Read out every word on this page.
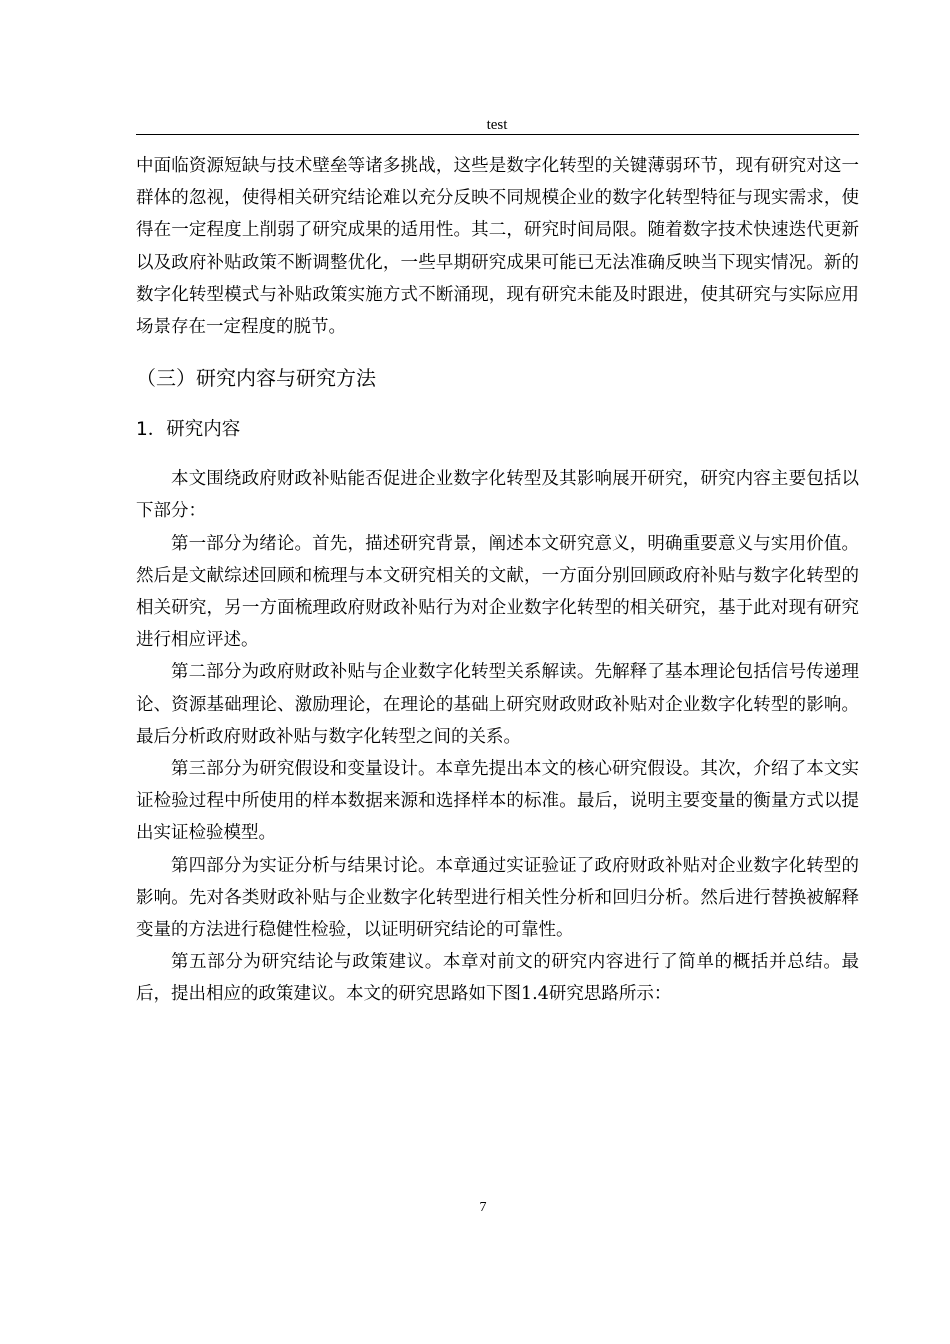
test

中面临资源短缺与技术壁垒等诸多挑战，这些是数字化转型的关键薄弱环节，现有研究对这一群体的忽视，使得相关研究结论难以充分反映不同规模企业的数字化转型特征与现实需求，使得在一定程度上削弱了研究成果的适用性。其二，研究时间局限。随着数字技术快速迭代更新以及政府补贴政策不断调整优化，一些早期研究成果可能已无法准确反映当下现实情况。新的数字化转型模式与补贴政策实施方式不断涌现，现有研究未能及时跟进，使其研究与实际应用场景存在一定程度的脱节。

（三）研究内容与研究方法
1．研究内容

本文围绕政府财政补贴能否促进企业数字化转型及其影响展开研究，研究内容主要包括以下部分：

第一部分为绪论。首先，描述研究背景，阐述本文研究意义，明确重要意义与实用价值。然后是文献综述回顾和梳理与本文研究相关的文献，一方面分别回顾政府补贴与数字化转型的相关研究，另一方面梳理政府财政补贴行为对企业数字化转型的相关研究，基于此对现有研究进行相应评述。

第二部分为政府财政补贴与企业数字化转型关系解读。先解释了基本理论包括信号传递理论、资源基础理论、激励理论，在理论的基础上研究财政财政补贴对企业数字化转型的影响。最后分析政府财政补贴与数字化转型之间的关系。

第三部分为研究假设和变量设计。本章先提出本文的核心研究假设。其次，介绍了本文实证检验过程中所使用的样本数据来源和选择样本的标准。最后，说明主要变量的衡量方式以提出实证检验模型。

第四部分为实证分析与结果讨论。本章通过实证验证了政府财政补贴对企业数字化转型的影响。先对各类财政补贴与企业数字化转型进行相关性分析和回归分析。然后进行替换被解释变量的方法进行稳健性检验，以证明研究结论的可靠性。

第五部分为研究结论与政策建议。本章对前文的研究内容进行了简单的概括并总结。最后，提出相应的政策建议。本文的研究思路如下图1.4研究思路所示：

7
